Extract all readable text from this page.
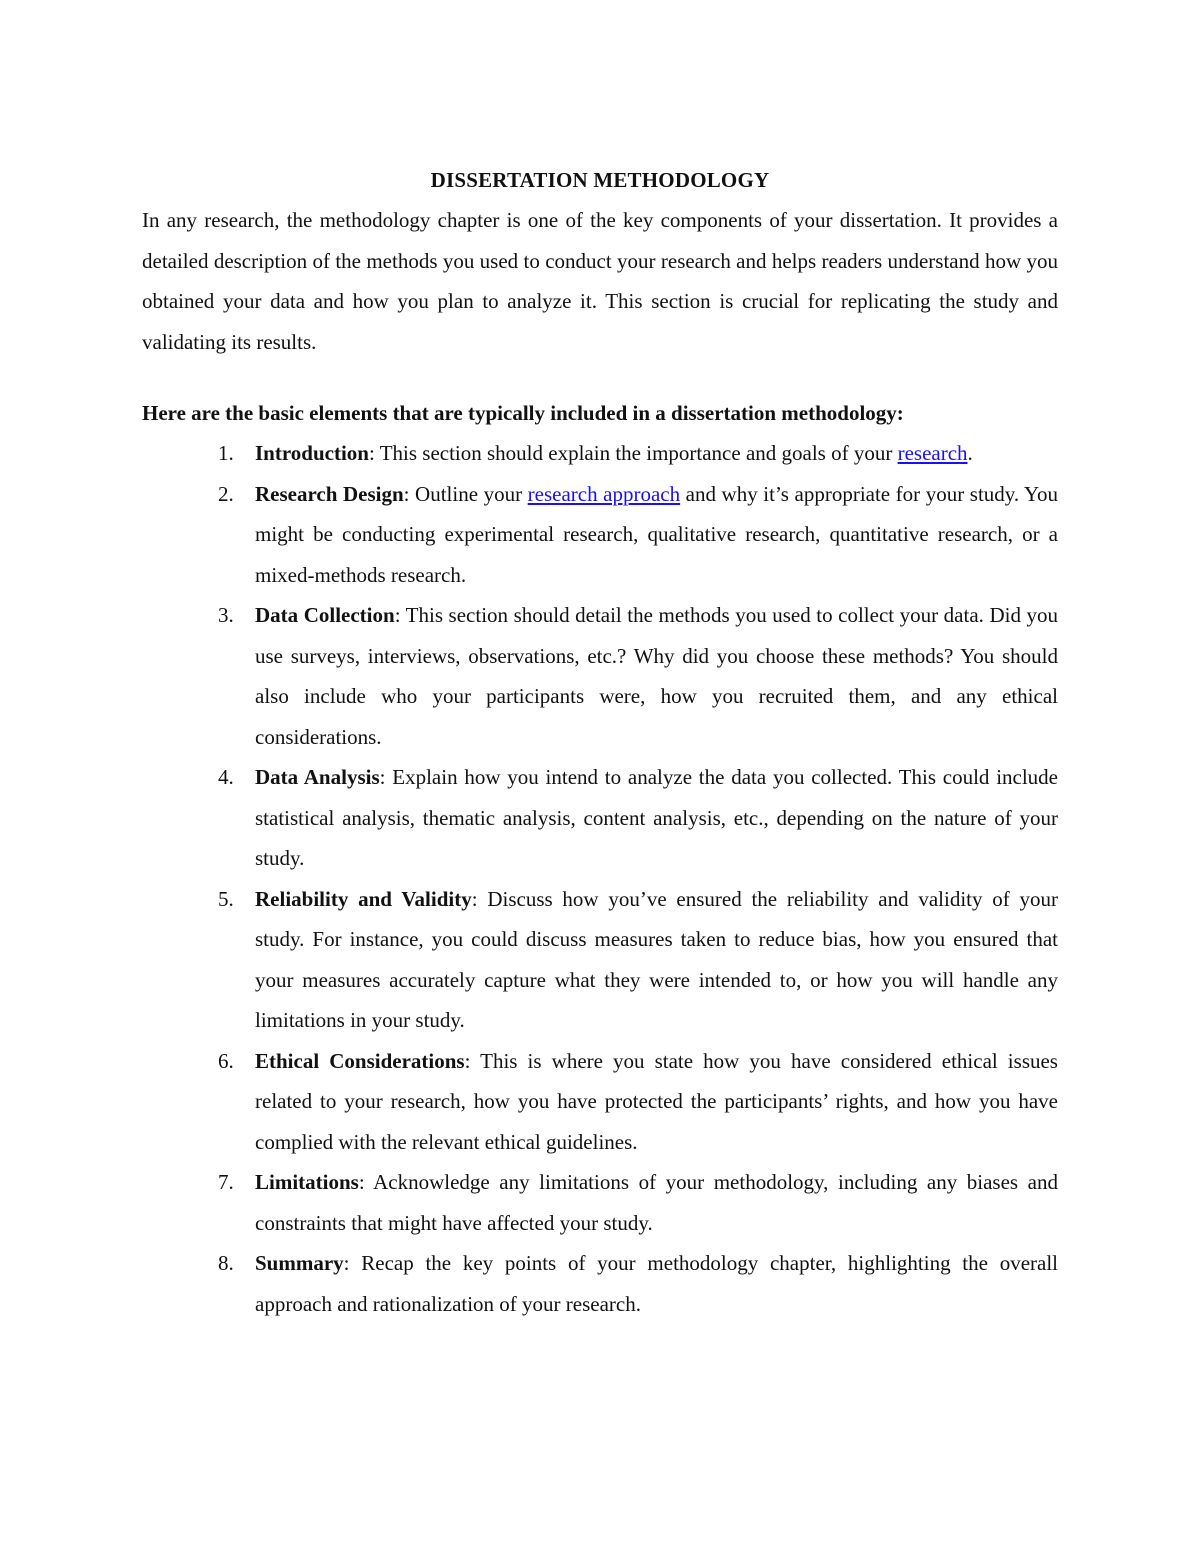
DISSERTATION METHODOLOGY

In any research, the methodology chapter is one of the key components of your dissertation. It provides a detailed description of the methods you used to conduct your research and helps readers understand how you obtained your data and how you plan to analyze it. This section is crucial for replicating the study and validating its results.

Here are the basic elements that are typically included in a dissertation methodology:

1. Introduction: This section should explain the importance and goals of your research.
2. Research Design: Outline your research approach and why it’s appropriate for your study. You might be conducting experimental research, qualitative research, quantitative research, or a mixed-methods research.
3. Data Collection: This section should detail the methods you used to collect your data. Did you use surveys, interviews, observations, etc.? Why did you choose these methods? You should also include who your participants were, how you recruited them, and any ethical considerations.
4. Data Analysis: Explain how you intend to analyze the data you collected. This could include statistical analysis, thematic analysis, content analysis, etc., depending on the nature of your study.
5. Reliability and Validity: Discuss how you’ve ensured the reliability and validity of your study. For instance, you could discuss measures taken to reduce bias, how you ensured that your measures accurately capture what they were intended to, or how you will handle any limitations in your study.
6. Ethical Considerations: This is where you state how you have considered ethical issues related to your research, how you have protected the participants’ rights, and how you have complied with the relevant ethical guidelines.
7. Limitations: Acknowledge any limitations of your methodology, including any biases and constraints that might have affected your study.
8. Summary: Recap the key points of your methodology chapter, highlighting the overall approach and rationalization of your research.
